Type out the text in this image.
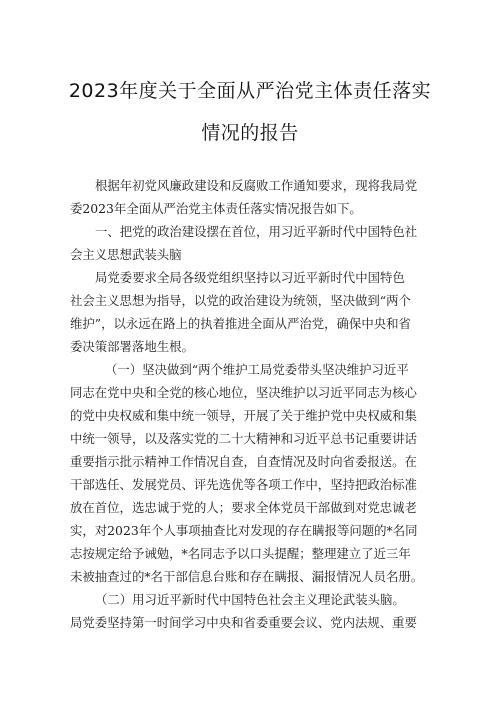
2023年度关于全面从严治党主体责任落实
情况的报告
根据年初党风廉政建设和反腐败工作通知要求，现将我局党
委2023年全面从严治党主体责任落实情况报告如下。
一、把党的政治建设摆在首位，用习近平新时代中国特色社
会主义思想武装头脑
局党委要求全局各级党组织坚持以习近平新时代中国特色
社会主义思想为指导，以党的政治建设为统领，坚决做到“两个
维护”，以永远在路上的执着推进全面从严治党，确保中央和省
委决策部署落地生根。
（一）坚决做到“两个维护工局党委带头坚决维护习近平
同志在党中央和全党的核心地位，坚决维护以习近平同志为核心
的党中央权威和集中统一领导，开展了关于维护党中央权威和集
中统一领导，以及落实党的二十大精神和习近平总书记重要讲话
重要指示批示精神工作情况自查，自查情况及时向省委报送。在
干部选任、发展党员、评先选优等各项工作中，坚持把政治标准
放在首位，选忠诚于党的人；要求全体党员干部做到对党忠诚老
实，对2023年个人事项抽查比对发现的存在瞒报等问题的*名同
志按规定给予诫勉，*名同志予以口头提醒；整理建立了近三年
未被抽查过的*名干部信息台账和存在瞒报、漏报情况人员名册。
（二）用习近平新时代中国特色社会主义理论武装头脑。
局党委坚持第一时间学习中央和省委重要会议、党内法规、重要
